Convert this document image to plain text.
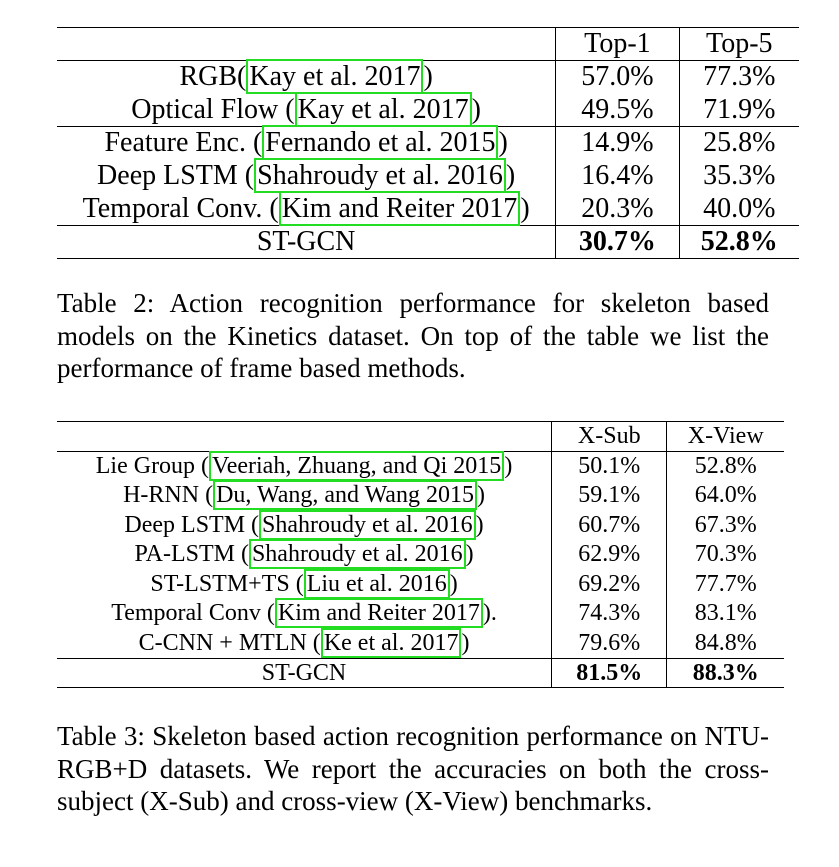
	Top-1	Top-5
RGB( Kay et al. 2017 )	57.0%	77.3%
Optical Flow ( Kay et al. 2017 )	49.5%	71.9%
Feature Enc. ( Fernando et al. 2015 )	14.9%	25.8%
Deep LSTM ( Shahroudy et al. 2016 )	16.4%	35.3%
Temporal Conv. ( Kim and Reiter 2017 )	20.3%	40.0%
ST-GCN	30.7%	52.8%
Table 2: Action recognition performance for skeleton based models on the Kinetics dataset. On top of the table we list the performance of frame based methods.
	X-Sub	X-View
Lie Group ( Veeriah, Zhuang, and Qi 2015 )	50.1%	52.8%
H-RNN ( Du, Wang, and Wang 2015 )	59.1%	64.0%
Deep LSTM ( Shahroudy et al. 2016 )	60.7%	67.3%
PA-LSTM ( Shahroudy et al. 2016 )	62.9%	70.3%
ST-LSTM+TS ( Liu et al. 2016 )	69.2%	77.7%
Temporal Conv ( Kim and Reiter 2017 ).	74.3%	83.1%
C-CNN + MTLN ( Ke et al. 2017 )	79.6%	84.8%
ST-GCN	81.5%	88.3%
Table 3: Skeleton based action recognition performance on NTU-RGB+D datasets. We report the accuracies on both the cross-subject (X-Sub) and cross-view (X-View) benchmarks.
